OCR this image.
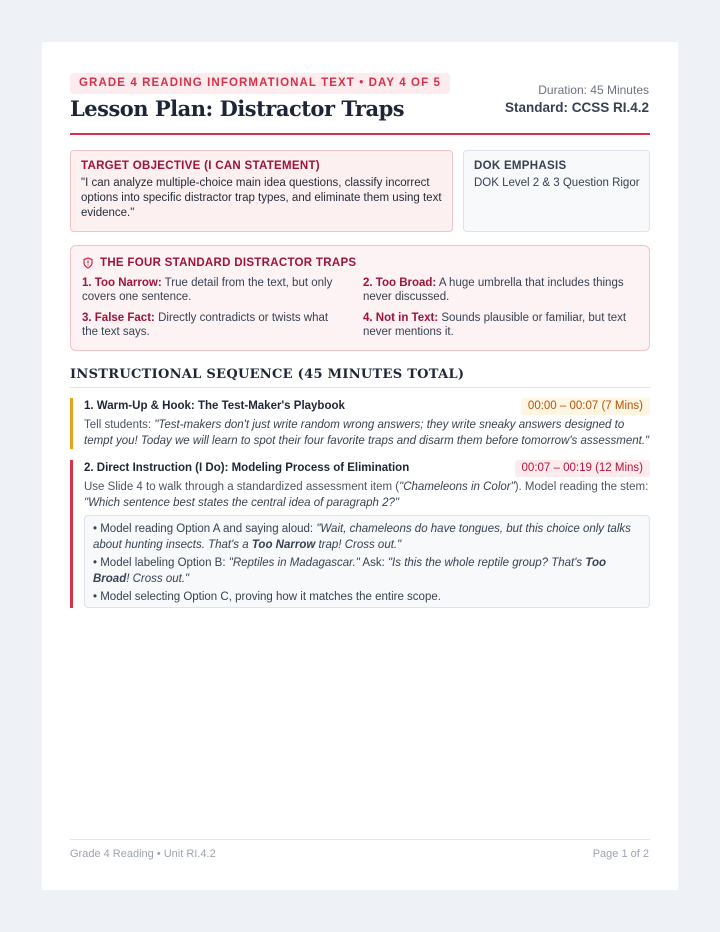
GRADE 4 READING INFORMATIONAL TEXT • DAY 4 OF 5
Lesson Plan: Distractor Traps
Duration: 45 Minutes
Standard: CCSS RI.4.2
TARGET OBJECTIVE (I CAN STATEMENT)

"I can analyze multiple-choice main idea questions, classify incorrect options into specific distractor trap types, and eliminate them using text evidence."

DOK EMPHASIS

DOK Level 2 & 3 Question Rigor

THE FOUR STANDARD DISTRACTOR TRAPS
1. Too Narrow: True detail from the text, but only covers one sentence.
2. Too Broad: A huge umbrella that includes things never discussed.
3. False Fact: Directly contradicts or twists what the text says.
4. Not in Text: Sounds plausible or familiar, but text never mentions it.
INSTRUCTIONAL SEQUENCE (45 MINUTES TOTAL)
1. Warm-Up & Hook: The Test-Maker's Playbook	00:00 – 00:07 (7 Mins)
Tell students: "Test-makers don't just write random wrong answers; they write sneaky answers designed to tempt you! Today we will learn to spot their four favorite traps and disarm them before tomorrow's assessment."
2. Direct Instruction (I Do): Modeling Process of Elimination	00:07 – 00:19 (12 Mins)
Use Slide 4 to walk through a standardized assessment item ("Chameleons in Color"). Model reading the stem: "Which sentence best states the central idea of paragraph 2?"
• Model reading Option A and saying aloud: "Wait, chameleons do have tongues, but this choice only talks about hunting insects. That's a Too Narrow trap! Cross out."
• Model labeling Option B: "Reptiles in Madagascar." Ask: "Is this the whole reptile group? That's Too Broad! Cross out."
• Model selecting Option C, proving how it matches the entire scope.
Grade 4 Reading • Unit RI.4.2	Page 1 of 2
